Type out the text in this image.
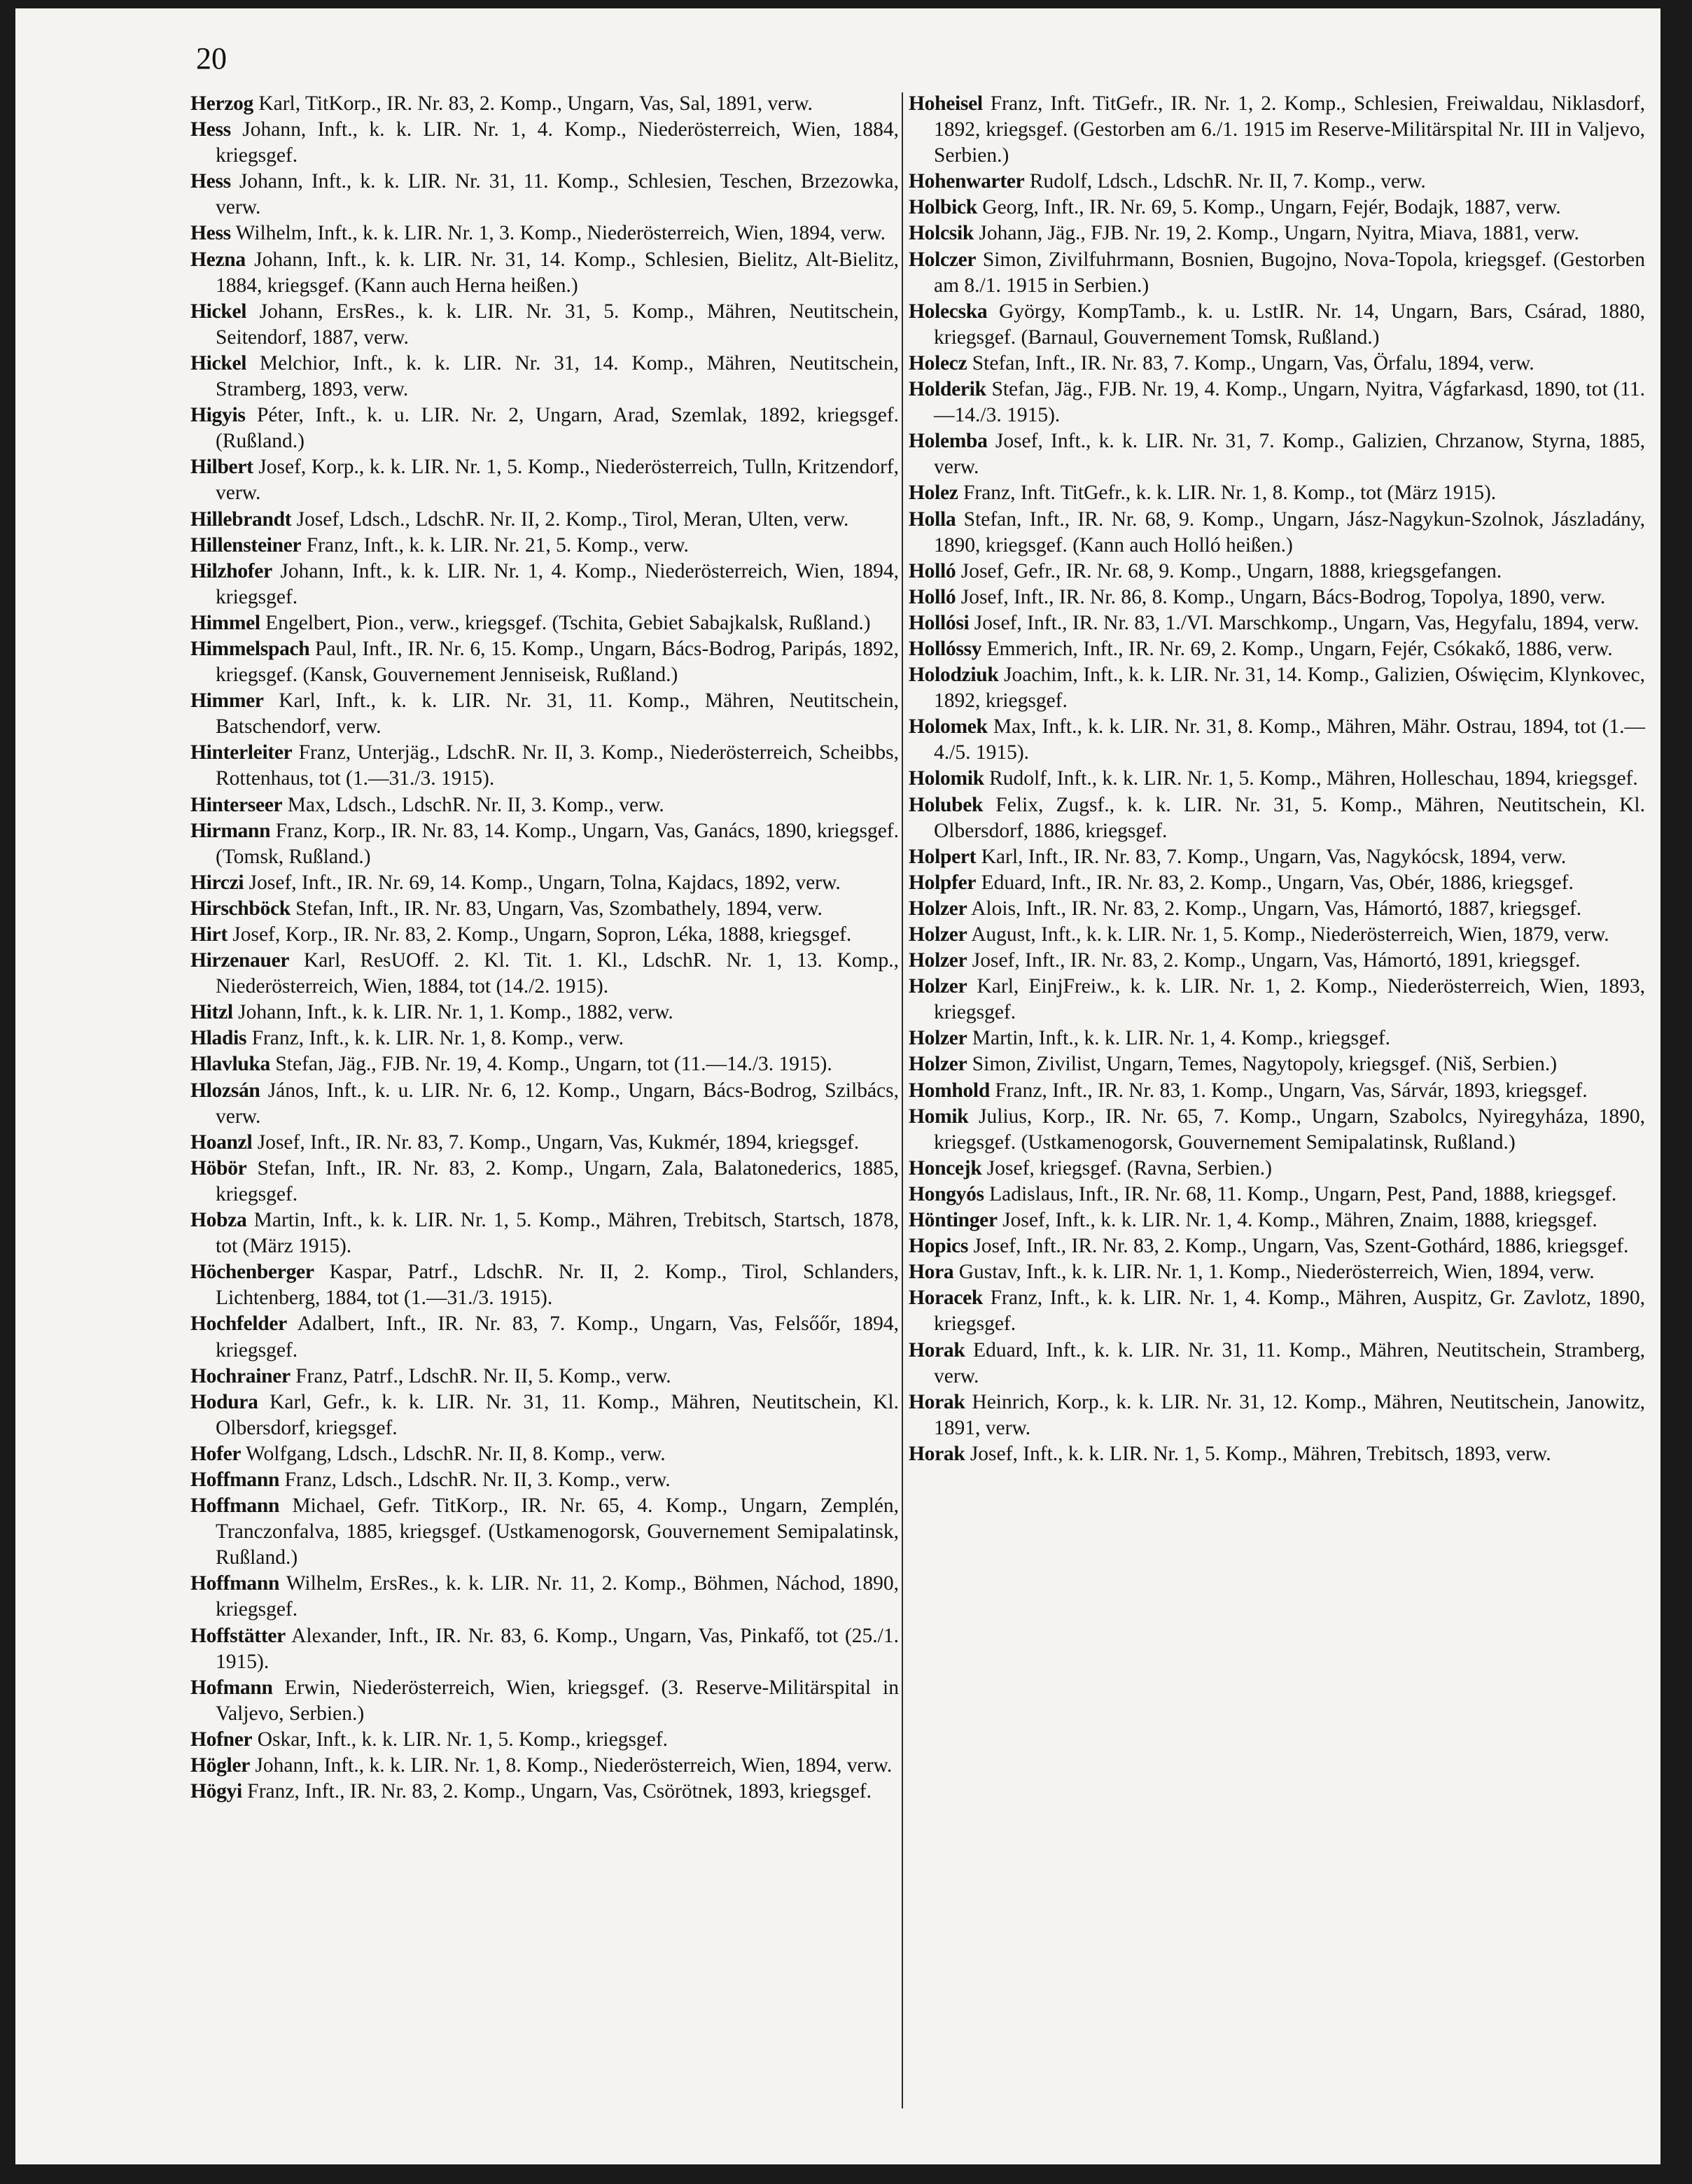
20

Herzog Karl, TitKorp., IR. Nr. 83, 2. Komp., Ungarn, Vas, Sal, 1891, verw.

Hess Johann, Inft., k. k. LIR. Nr. 1, 4. Komp., Niederösterreich, Wien, 1884, kriegsgef.

Hess Johann, Inft., k. k. LIR. Nr. 31, 11. Komp., Schlesien, Teschen, Brzezowka, verw.

Hess Wilhelm, Inft., k. k. LIR. Nr. 1, 3. Komp., Niederösterreich, Wien, 1894, verw.

Hezna Johann, Inft., k. k. LIR. Nr. 31, 14. Komp., Schlesien, Bielitz, Alt-Bielitz, 1884, kriegsgef. (Kann auch Herna heißen.)

Hickel Johann, ErsRes., k. k. LIR. Nr. 31, 5. Komp., Mähren, Neutitschein, Seitendorf, 1887, verw.

Hickel Melchior, Inft., k. k. LIR. Nr. 31, 14. Komp., Mähren, Neutitschein, Stramberg, 1893, verw.

Higyis Péter, Inft., k. u. LIR. Nr. 2, Ungarn, Arad, Szemlak, 1892, kriegsgef. (Rußland.)

Hilbert Josef, Korp., k. k. LIR. Nr. 1, 5. Komp., Niederösterreich, Tulln, Kritzendorf, verw.

Hillebrandt Josef, Ldsch., LdschR. Nr. II, 2. Komp., Tirol, Meran, Ulten, verw.

Hillensteiner Franz, Inft., k. k. LIR. Nr. 21, 5. Komp., verw.

Hilzhofer Johann, Inft., k. k. LIR. Nr. 1, 4. Komp., Niederösterreich, Wien, 1894, kriegsgef.

Himmel Engelbert, Pion., verw., kriegsgef. (Tschita, Gebiet Sabajkalsk, Rußland.)

Himmelspach Paul, Inft., IR. Nr. 6, 15. Komp., Ungarn, Bács-Bodrog, Paripás, 1892, kriegsgef. (Kansk, Gouvernement Jenniseisk, Rußland.)

Himmer Karl, Inft., k. k. LIR. Nr. 31, 11. Komp., Mähren, Neutitschein, Batschendorf, verw.

Hinterleiter Franz, Unterjäg., LdschR. Nr. II, 3. Komp., Niederösterreich, Scheibbs, Rottenhaus, tot (1.—31./3. 1915).

Hinterseer Max, Ldsch., LdschR. Nr. II, 3. Komp., verw.

Hirmann Franz, Korp., IR. Nr. 83, 14. Komp., Ungarn, Vas, Ganács, 1890, kriegsgef. (Tomsk, Rußland.)

Hirczi Josef, Inft., IR. Nr. 69, 14. Komp., Ungarn, Tolna, Kajdacs, 1892, verw.

Hirschböck Stefan, Inft., IR. Nr. 83, Ungarn, Vas, Szombathely, 1894, verw.

Hirt Josef, Korp., IR. Nr. 83, 2. Komp., Ungarn, Sopron, Léka, 1888, kriegsgef.

Hirzenauer Karl, ResUOff. 2. Kl. Tit. 1. Kl., LdschR. Nr. 1, 13. Komp., Niederösterreich, Wien, 1884, tot (14./2. 1915).

Hitzl Johann, Inft., k. k. LIR. Nr. 1, 1. Komp., 1882, verw.

Hladis Franz, Inft., k. k. LIR. Nr. 1, 8. Komp., verw.

Hlavluka Stefan, Jäg., FJB. Nr. 19, 4. Komp., Ungarn, tot (11.—14./3. 1915).

Hlozsán János, Inft., k. u. LIR. Nr. 6, 12. Komp., Ungarn, Bács-Bodrog, Szilbács, verw.

Hoanzl Josef, Inft., IR. Nr. 83, 7. Komp., Ungarn, Vas, Kukmér, 1894, kriegsgef.

Höbör Stefan, Inft., IR. Nr. 83, 2. Komp., Ungarn, Zala, Balatonederics, 1885, kriegsgef.

Hobza Martin, Inft., k. k. LIR. Nr. 1, 5. Komp., Mähren, Trebitsch, Startsch, 1878, tot (März 1915).

Höchenberger Kaspar, Patrf., LdschR. Nr. II, 2. Komp., Tirol, Schlanders, Lichtenberg, 1884, tot (1.—31./3. 1915).

Hochfelder Adalbert, Inft., IR. Nr. 83, 7. Komp., Ungarn, Vas, Felsőőr, 1894, kriegsgef.

Hochrainer Franz, Patrf., LdschR. Nr. II, 5. Komp., verw.

Hodura Karl, Gefr., k. k. LIR. Nr. 31, 11. Komp., Mähren, Neutitschein, Kl. Olbersdorf, kriegsgef.

Hofer Wolfgang, Ldsch., LdschR. Nr. II, 8. Komp., verw.

Hoffmann Franz, Ldsch., LdschR. Nr. II, 3. Komp., verw.

Hoffmann Michael, Gefr. TitKorp., IR. Nr. 65, 4. Komp., Ungarn, Zemplén, Tranczonfalva, 1885, kriegsgef. (Ustkamenogorsk, Gouvernement Semipalatinsk, Rußland.)

Hoffmann Wilhelm, ErsRes., k. k. LIR. Nr. 11, 2. Komp., Böhmen, Náchod, 1890, kriegsgef.

Hoffstätter Alexander, Inft., IR. Nr. 83, 6. Komp., Ungarn, Vas, Pinkafő, tot (25./1. 1915).

Hofmann Erwin, Niederösterreich, Wien, kriegsgef. (3. Reserve-Militärspital in Valjevo, Serbien.)

Hofner Oskar, Inft., k. k. LIR. Nr. 1, 5. Komp., kriegsgef.

Högler Johann, Inft., k. k. LIR. Nr. 1, 8. Komp., Niederösterreich, Wien, 1894, verw.

Högyi Franz, Inft., IR. Nr. 83, 2. Komp., Ungarn, Vas, Csörötnek, 1893, kriegsgef.

Hoheisel Franz, Inft. TitGefr., IR. Nr. 1, 2. Komp., Schlesien, Freiwaldau, Niklasdorf, 1892, kriegsgef. (Gestorben am 6./1. 1915 im Reserve-Militärspital Nr. III in Valjevo, Serbien.)

Hohenwarter Rudolf, Ldsch., LdschR. Nr. II, 7. Komp., verw.

Holbick Georg, Inft., IR. Nr. 69, 5. Komp., Ungarn, Fejér, Bodajk, 1887, verw.

Holcsik Johann, Jäg., FJB. Nr. 19, 2. Komp., Ungarn, Nyitra, Miava, 1881, verw.

Holczer Simon, Zivilfuhrmann, Bosnien, Bugojno, Nova-Topola, kriegsgef. (Gestorben am 8./1. 1915 in Serbien.)

Holecska György, KompTamb., k. u. LstIR. Nr. 14, Ungarn, Bars, Csárad, 1880, kriegsgef. (Barnaul, Gouvernement Tomsk, Rußland.)

Holecz Stefan, Inft., IR. Nr. 83, 7. Komp., Ungarn, Vas, Örfalu, 1894, verw.

Holderik Stefan, Jäg., FJB. Nr. 19, 4. Komp., Ungarn, Nyitra, Vágfarkasd, 1890, tot (11.—14./3. 1915).

Holemba Josef, Inft., k. k. LIR. Nr. 31, 7. Komp., Galizien, Chrzanow, Styrna, 1885, verw.

Holez Franz, Inft. TitGefr., k. k. LIR. Nr. 1, 8. Komp., tot (März 1915).

Holla Stefan, Inft., IR. Nr. 68, 9. Komp., Ungarn, Jász-Nagykun-Szolnok, Jászladány, 1890, kriegsgef. (Kann auch Holló heißen.)

Holló Josef, Gefr., IR. Nr. 68, 9. Komp., Ungarn, 1888, kriegsgefangen.

Holló Josef, Inft., IR. Nr. 86, 8. Komp., Ungarn, Bács-Bodrog, Topolya, 1890, verw.

Hollósi Josef, Inft., IR. Nr. 83, 1./VI. Marschkomp., Ungarn, Vas, Hegyfalu, 1894, verw.

Hollóssy Emmerich, Inft., IR. Nr. 69, 2. Komp., Ungarn, Fejér, Csókakő, 1886, verw.

Holodziuk Joachim, Inft., k. k. LIR. Nr. 31, 14. Komp., Galizien, Oświęcim, Klynkovec, 1892, kriegsgef.

Holomek Max, Inft., k. k. LIR. Nr. 31, 8. Komp., Mähren, Mähr. Ostrau, 1894, tot (1.—4./5. 1915).

Holomik Rudolf, Inft., k. k. LIR. Nr. 1, 5. Komp., Mähren, Holleschau, 1894, kriegsgef.

Holubek Felix, Zugsf., k. k. LIR. Nr. 31, 5. Komp., Mähren, Neutitschein, Kl. Olbersdorf, 1886, kriegsgef.

Holpert Karl, Inft., IR. Nr. 83, 7. Komp., Ungarn, Vas, Nagykócsk, 1894, verw.

Holpfer Eduard, Inft., IR. Nr. 83, 2. Komp., Ungarn, Vas, Obér, 1886, kriegsgef.

Holzer Alois, Inft., IR. Nr. 83, 2. Komp., Ungarn, Vas, Hámortó, 1887, kriegsgef.

Holzer August, Inft., k. k. LIR. Nr. 1, 5. Komp., Niederösterreich, Wien, 1879, verw.

Holzer Josef, Inft., IR. Nr. 83, 2. Komp., Ungarn, Vas, Hámortó, 1891, kriegsgef.

Holzer Karl, EinjFreiw., k. k. LIR. Nr. 1, 2. Komp., Niederösterreich, Wien, 1893, kriegsgef.

Holzer Martin, Inft., k. k. LIR. Nr. 1, 4. Komp., kriegsgef.

Holzer Simon, Zivilist, Ungarn, Temes, Nagytopoly, kriegsgef. (Niš, Serbien.)

Homhold Franz, Inft., IR. Nr. 83, 1. Komp., Ungarn, Vas, Sárvár, 1893, kriegsgef.

Homik Julius, Korp., IR. Nr. 65, 7. Komp., Ungarn, Szabolcs, Nyiregyháza, 1890, kriegsgef. (Ustkamenogorsk, Gouvernement Semipalatinsk, Rußland.)

Honcejk Josef, kriegsgef. (Ravna, Serbien.)

Hongyós Ladislaus, Inft., IR. Nr. 68, 11. Komp., Ungarn, Pest, Pand, 1888, kriegsgef.

Höntinger Josef, Inft., k. k. LIR. Nr. 1, 4. Komp., Mähren, Znaim, 1888, kriegsgef.

Hopics Josef, Inft., IR. Nr. 83, 2. Komp., Ungarn, Vas, Szent-Gothárd, 1886, kriegsgef.

Hora Gustav, Inft., k. k. LIR. Nr. 1, 1. Komp., Niederösterreich, Wien, 1894, verw.

Horacek Franz, Inft., k. k. LIR. Nr. 1, 4. Komp., Mähren, Auspitz, Gr. Zavlotz, 1890, kriegsgef.

Horak Eduard, Inft., k. k. LIR. Nr. 31, 11. Komp., Mähren, Neutitschein, Stramberg, verw.

Horak Heinrich, Korp., k. k. LIR. Nr. 31, 12. Komp., Mähren, Neutitschein, Janowitz, 1891, verw.

Horak Josef, Inft., k. k. LIR. Nr. 1, 5. Komp., Mähren, Trebitsch, 1893, verw.
